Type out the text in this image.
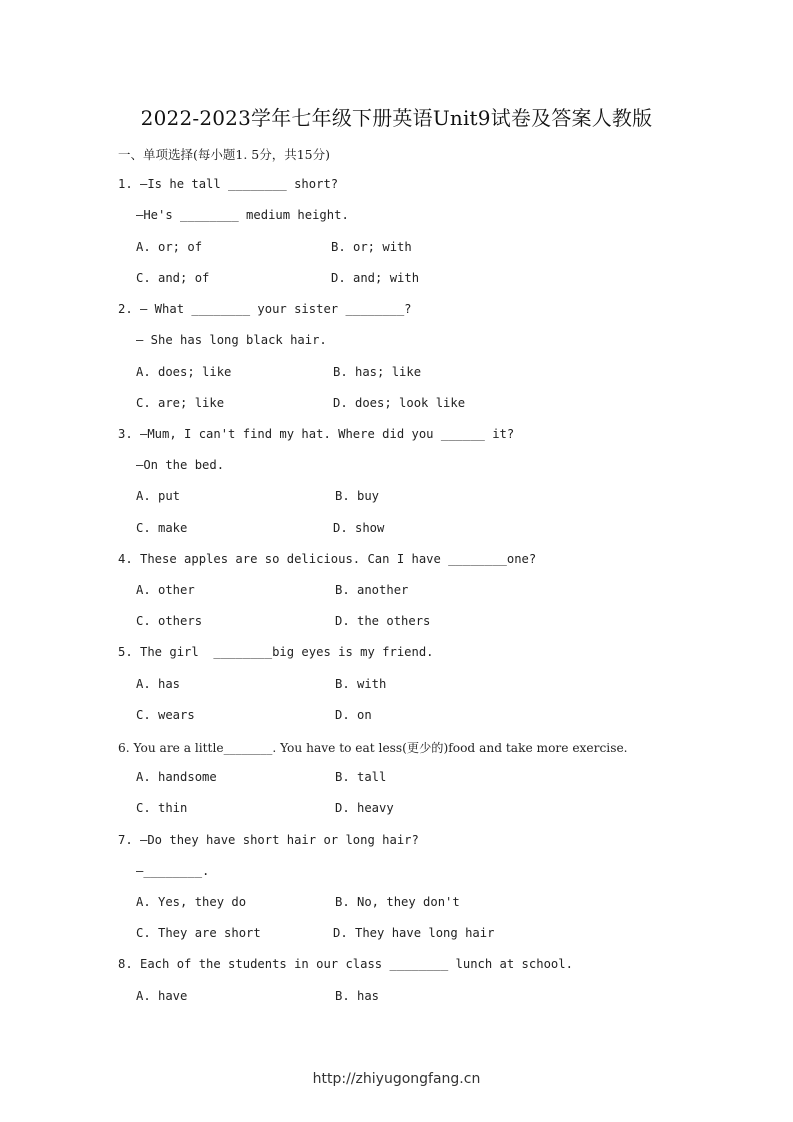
2022-2023学年七年级下册英语Unit9试卷及答案人教版
一、单项选择(每小题1. 5分，共15分)
1. —Is he tall ________ short?
—He's ________ medium height.
A. or; of	B. or; with
C. and; of	D. and; with
2. — What ________ your sister ________?
— She has long black hair.
A. does; like	B. has; like
C. are; like	D. does; look like
3. —Mum, I can't find my hat. Where did you ______ it?
—On the bed.
A. put	B. buy
C. make	D. show
4. These apples are so delicious. Can I have ________one?
A. other	B. another
C. others	D. the others
5. The girl  ________big eyes is my friend.
A. has	B. with
C. wears	D. on
6. You are a little________. You have to eat less(更少的)food and take more exercise.
A. handsome	B. tall
C. thin	D. heavy
7. —Do they have short hair or long hair?
—________.
A. Yes, they do	B. No, they don't
C. They are short	D. They have long hair
8. Each of the students in our class ________ lunch at school.
A. have	B. has
http://zhiyugongfang.cn
